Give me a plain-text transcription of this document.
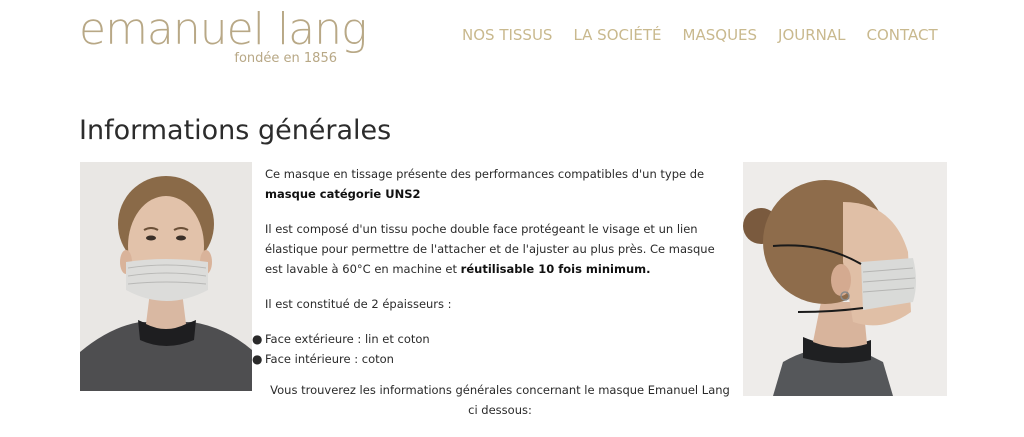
emanuel lang
fondée en 1856
NOS TISSUS LA SOCIÉTÉ MASQUES JOURNAL CONTACT
Informations générales

Ce masque en tissage présente des performances compatibles d'un type de
masque catégorie UNS2

Il est composé d'un tissu poche double face protégeant le visage et un lien élastique pour permettre de l'attacher et de l'ajuster au plus près. Ce masque est lavable à 60°C en machine et réutilisable 10 fois minimum.

Il est constitué de 2 épaisseurs :

● Face extérieure : lin et coton
● Face intérieure : coton

Vous trouverez les informations générales concernant le masque Emanuel Lang ci dessous:
